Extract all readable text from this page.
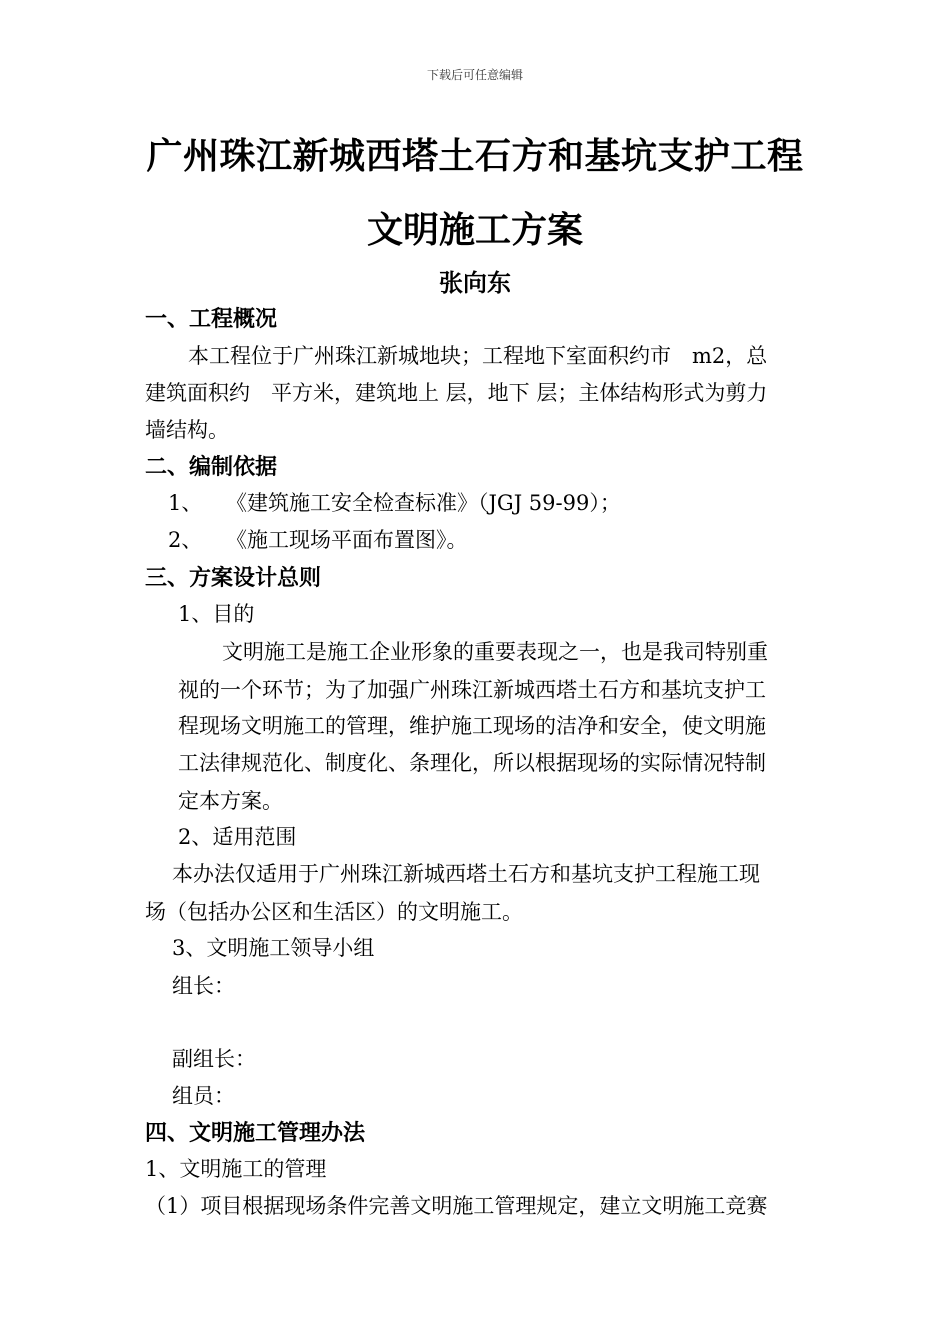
下载后可任意编辑
广州珠江新城西塔土石方和基坑支护工程
文明施工方案
张向东
一、工程概况
本工程位于广州珠江新城地块；工程地下室面积约市　m2，总
建筑面积约　平方米，建筑地上 层，地下 层；主体结构形式为剪力
墙结构。
二、编制依据
1、 《建筑施工安全检查标准》（JGJ 59-99）；
2、 《施工现场平面布置图》。
三、方案设计总则
1、目的
文明施工是施工企业形象的重要表现之一，也是我司特别重
视的一个环节；为了加强广州珠江新城西塔土石方和基坑支护工
程现场文明施工的管理，维护施工现场的洁净和安全，使文明施
工法律规范化、制度化、条理化，所以根据现场的实际情况特制
定本方案。
2、适用范围
本办法仅适用于广州珠江新城西塔土石方和基坑支护工程施工现
场（包括办公区和生活区）的文明施工。
3、文明施工领导小组
组长：
副组长：
组员：
四、文明施工管理办法
1、文明施工的管理
（1）项目根据现场条件完善文明施工管理规定，建立文明施工竞赛
